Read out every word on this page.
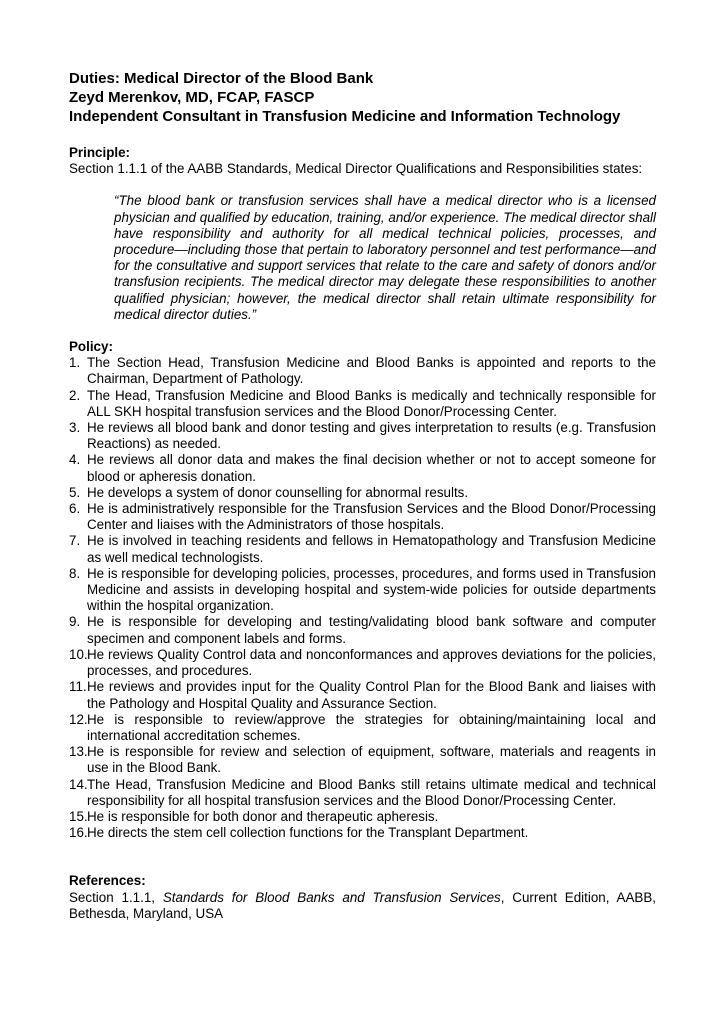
Duties: Medical Director of the Blood Bank

Zeyd Merenkov, MD, FCAP, FASCP

Independent Consultant in Transfusion Medicine and Information Technology

Principle:

Section 1.1.1 of the AABB Standards, Medical Director Qualifications and Responsibilities states:

“The blood bank or transfusion services shall have a medical director who is a licensed physician and qualified by education, training, and/or experience. The medical director shall have responsibility and authority for all medical technical policies, processes, and procedure—including those that pertain to laboratory personnel and test performance—and for the consultative and support services that relate to the care and safety of donors and/or transfusion recipients. The medical director may delegate these responsibilities to another qualified physician; however, the medical director shall retain ultimate responsibility for medical director duties.”

Policy:

1. The Section Head, Transfusion Medicine and Blood Banks is appointed and reports to the Chairman, Department of Pathology.
2. The Head, Transfusion Medicine and Blood Banks is medically and technically responsible for ALL SKH hospital transfusion services and the Blood Donor/Processing Center.
3. He reviews all blood bank and donor testing and gives interpretation to results (e.g. Transfusion Reactions) as needed.
4. He reviews all donor data and makes the final decision whether or not to accept someone for blood or apheresis donation.
5. He develops a system of donor counselling for abnormal results.
6. He is administratively responsible for the Transfusion Services and the Blood Donor/Processing Center and liaises with the Administrators of those hospitals.
7. He is involved in teaching residents and fellows in Hematopathology and Transfusion Medicine as well medical technologists.
8. He is responsible for developing policies, processes, procedures, and forms used in Transfusion Medicine and assists in developing hospital and system-wide policies for outside departments within the hospital organization.
9. He is responsible for developing and testing/validating blood bank software and computer specimen and component labels and forms.
10. He reviews Quality Control data and nonconformances and approves deviations for the policies, processes, and procedures.
11. He reviews and provides input for the Quality Control Plan for the Blood Bank and liaises with the Pathology and Hospital Quality and Assurance Section.
12. He is responsible to review/approve the strategies for obtaining/maintaining local and international accreditation schemes.
13. He is responsible for review and selection of equipment, software, materials and reagents in use in the Blood Bank.
14. The Head, Transfusion Medicine and Blood Banks still retains ultimate medical and technical responsibility for all hospital transfusion services and the Blood Donor/Processing Center.
15. He is responsible for both donor and therapeutic apheresis.
16. He directs the stem cell collection functions for the Transplant Department.

References:

Section 1.1.1, Standards for Blood Banks and Transfusion Services, Current Edition, AABB, Bethesda, Maryland, USA
